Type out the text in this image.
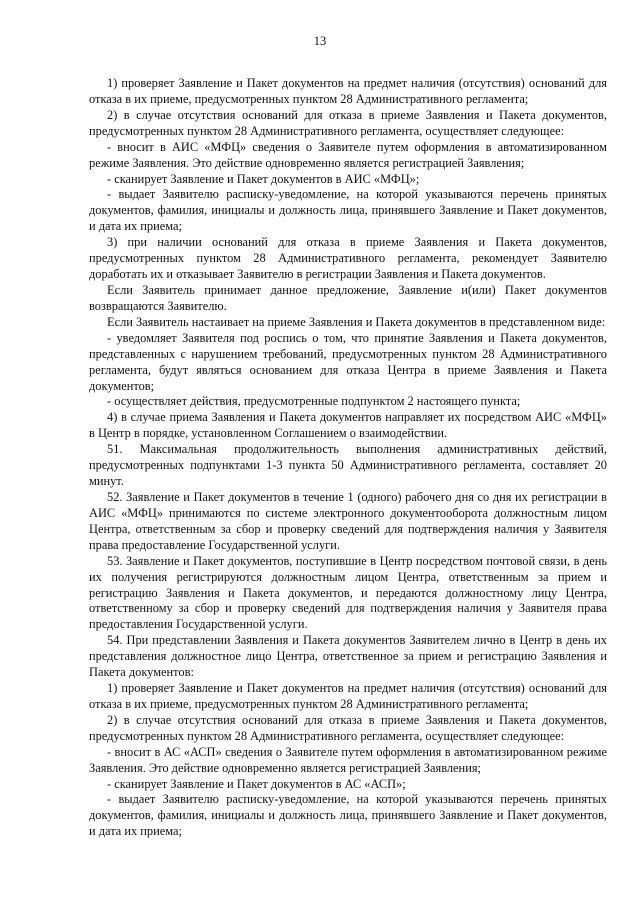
13

1) проверяет Заявление и Пакет документов на предмет наличия (отсутствия) оснований для отказа в их приеме, предусмотренных пунктом 28 Административного регламента;

2) в случае отсутствия оснований для отказа в приеме Заявления и Пакета документов, предусмотренных пунктом 28 Административного регламента, осуществляет следующее:

- вносит в АИС «МФЦ» сведения о Заявителе путем оформления в автоматизированном режиме Заявления. Это действие одновременно является регистрацией Заявления;

- сканирует Заявление и Пакет документов в АИС «МФЦ»;

- выдает Заявителю расписку-уведомление, на которой указываются перечень принятых документов, фамилия, инициалы и должность лица, принявшего Заявление и Пакет документов, и дата их приема;

3) при наличии оснований для отказа в приеме Заявления и Пакета документов, предусмотренных пунктом 28 Административного регламента, рекомендует Заявителю доработать их и отказывает Заявителю в регистрации Заявления и Пакета документов.

Если Заявитель принимает данное предложение, Заявление и(или) Пакет документов возвращаются Заявителю.

Если Заявитель настаивает на приеме Заявления и Пакета документов в представленном виде:

- уведомляет Заявителя под роспись о том, что принятие Заявления и Пакета документов, представленных с нарушением требований, предусмотренных пунктом 28 Административного регламента, будут являться основанием для отказа Центра в приеме Заявления и Пакета документов;

- осуществляет действия, предусмотренные подпунктом 2 настоящего пункта;

4) в случае приема Заявления и Пакета документов направляет их посредством АИС «МФЦ» в Центр в порядке, установленном Соглашением о взаимодействии.

51. Максимальная продолжительность выполнения административных действий, предусмотренных подпунктами 1-3 пункта 50 Административного регламента, составляет 20 минут.

52. Заявление и Пакет документов в течение 1 (одного) рабочего дня со дня их регистрации в АИС «МФЦ» принимаются по системе электронного документооборота должностным лицом Центра, ответственным за сбор и проверку сведений для подтверждения наличия у Заявителя права предоставление Государственной услуги.

53. Заявление и Пакет документов, поступившие в Центр посредством почтовой связи, в день их получения регистрируются должностным лицом Центра, ответственным за прием и регистрацию Заявления и Пакета документов, и передаются должностному лицу Центра, ответственному за сбор и проверку сведений для подтверждения наличия у Заявителя права предоставления Государственной услуги.

54. При представлении Заявления и Пакета документов Заявителем лично в Центр в день их представления должностное лицо Центра, ответственное за прием и регистрацию Заявления и Пакета документов:

1) проверяет Заявление и Пакет документов на предмет наличия (отсутствия) оснований для отказа в их приеме, предусмотренных пунктом 28 Административного регламента;

2) в случае отсутствия оснований для отказа в приеме Заявления и Пакета документов, предусмотренных пунктом 28 Административного регламента, осуществляет следующее:

- вносит в АС «АСП» сведения о Заявителе путем оформления в автоматизированном режиме Заявления. Это действие одновременно является регистрацией Заявления;

- сканирует Заявление и Пакет документов в АС «АСП»;

- выдает Заявителю расписку-уведомление, на которой указываются перечень принятых документов, фамилия, инициалы и должность лица, принявшего Заявление и Пакет документов, и дата их приема;
